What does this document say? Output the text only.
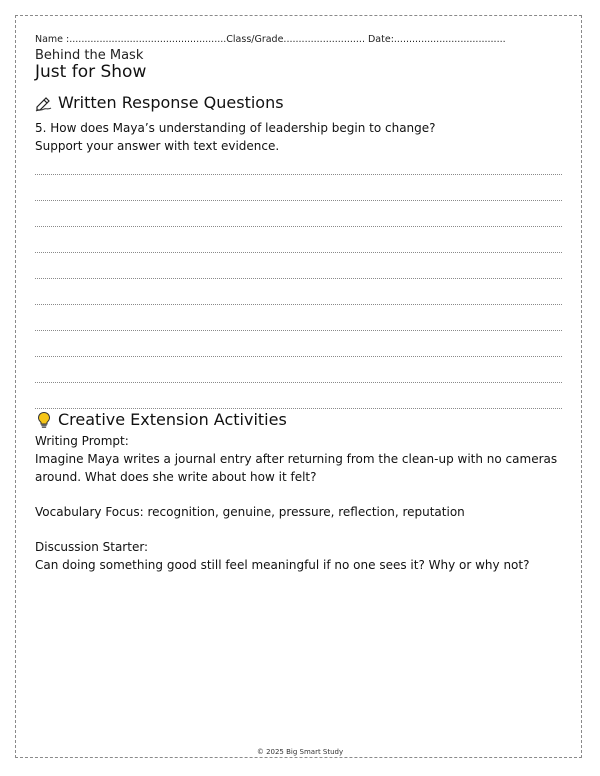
Name :....................................................Class/Grade........................... Date:.....................................
Behind the Mask
Just for Show
Written Response Questions
5. How does Maya’s understanding of leadership begin to change?
Support your answer with text evidence.
Creative Extension Activities
Writing Prompt:
Imagine Maya writes a journal entry after returning from the clean-up with no cameras around. What does she write about how it felt?
Vocabulary Focus: recognition, genuine, pressure, reflection, reputation
Discussion Starter:
Can doing something good still feel meaningful if no one sees it? Why or why not?
© 2025 Big Smart Study
